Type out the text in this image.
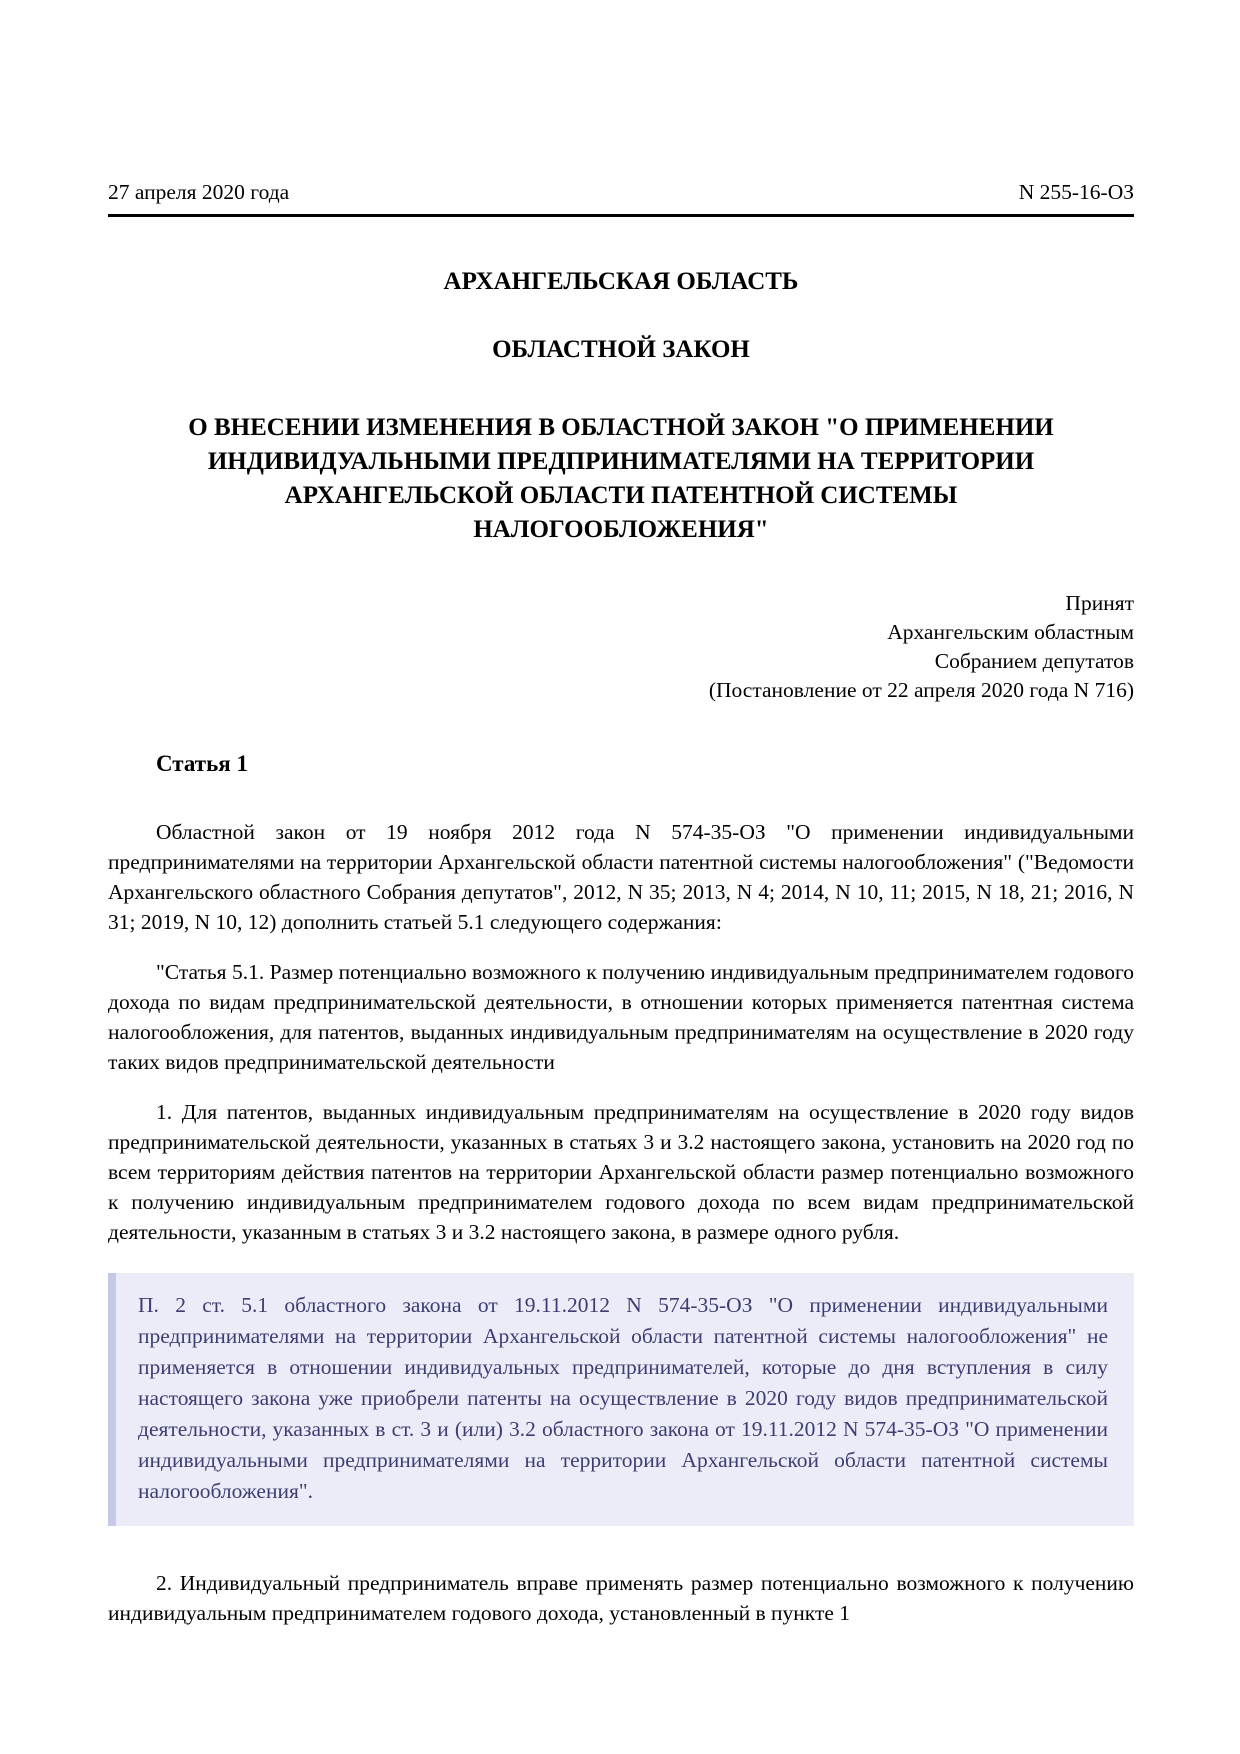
27 апреля 2020 года	N 255-16-ОЗ
АРХАНГЕЛЬСКАЯ ОБЛАСТЬ
ОБЛАСТНОЙ ЗАКОН
О ВНЕСЕНИИ ИЗМЕНЕНИЯ В ОБЛАСТНОЙ ЗАКОН "О ПРИМЕНЕНИИ ИНДИВИДУАЛЬНЫМИ ПРЕДПРИНИМАТЕЛЯМИ НА ТЕРРИТОРИИ АРХАНГЕЛЬСКОЙ ОБЛАСТИ ПАТЕНТНОЙ СИСТЕМЫ НАЛОГООБЛОЖЕНИЯ"
Принят
Архангельским областным
Собранием депутатов
(Постановление от 22 апреля 2020 года N 716)
Статья 1

Областной закон от 19 ноября 2012 года N 574-35-ОЗ "О применении индивидуальными предпринимателями на территории Архангельской области патентной системы налогообложения" ("Ведомости Архангельского областного Собрания депутатов", 2012, N 35; 2013, N 4; 2014, N 10, 11; 2015, N 18, 21; 2016, N 31; 2019, N 10, 12) дополнить статьей 5.1 следующего содержания:

"Статья 5.1. Размер потенциально возможного к получению индивидуальным предпринимателем годового дохода по видам предпринимательской деятельности, в отношении которых применяется патентная система налогообложения, для патентов, выданных индивидуальным предпринимателям на осуществление в 2020 году таких видов предпринимательской деятельности

1. Для патентов, выданных индивидуальным предпринимателям на осуществление в 2020 году видов предпринимательской деятельности, указанных в статьях 3 и 3.2 настоящего закона, установить на 2020 год по всем территориям действия патентов на территории Архангельской области размер потенциально возможного к получению индивидуальным предпринимателем годового дохода по всем видам предпринимательской деятельности, указанным в статьях 3 и 3.2 настоящего закона, в размере одного рубля.

П. 2 ст. 5.1 областного закона от 19.11.2012 N 574-35-ОЗ "О применении индивидуальными предпринимателями на территории Архангельской области патентной системы налогообложения" не применяется в отношении индивидуальных предпринимателей, которые до дня вступления в силу настоящего закона уже приобрели патенты на осуществление в 2020 году видов предпринимательской деятельности, указанных в ст. 3 и (или) 3.2 областного закона от 19.11.2012 N 574-35-ОЗ "О применении индивидуальными предпринимателями на территории Архангельской области патентной системы налогообложения".

2. Индивидуальный предприниматель вправе применять размер потенциально возможного к получению индивидуальным предпринимателем годового дохода, установленный в пункте 1
